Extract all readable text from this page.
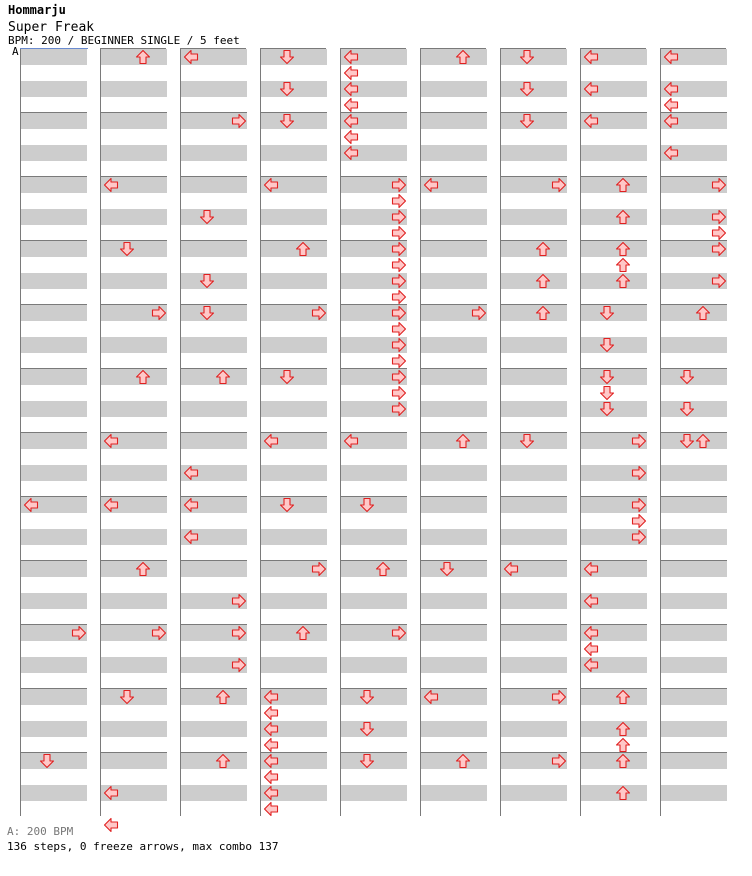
Hommarju
Super Freak
BPM: 200 / BEGINNER SINGLE / 5 feet
A
A: 200 BPM
136 steps, 0 freeze arrows, max combo 137
